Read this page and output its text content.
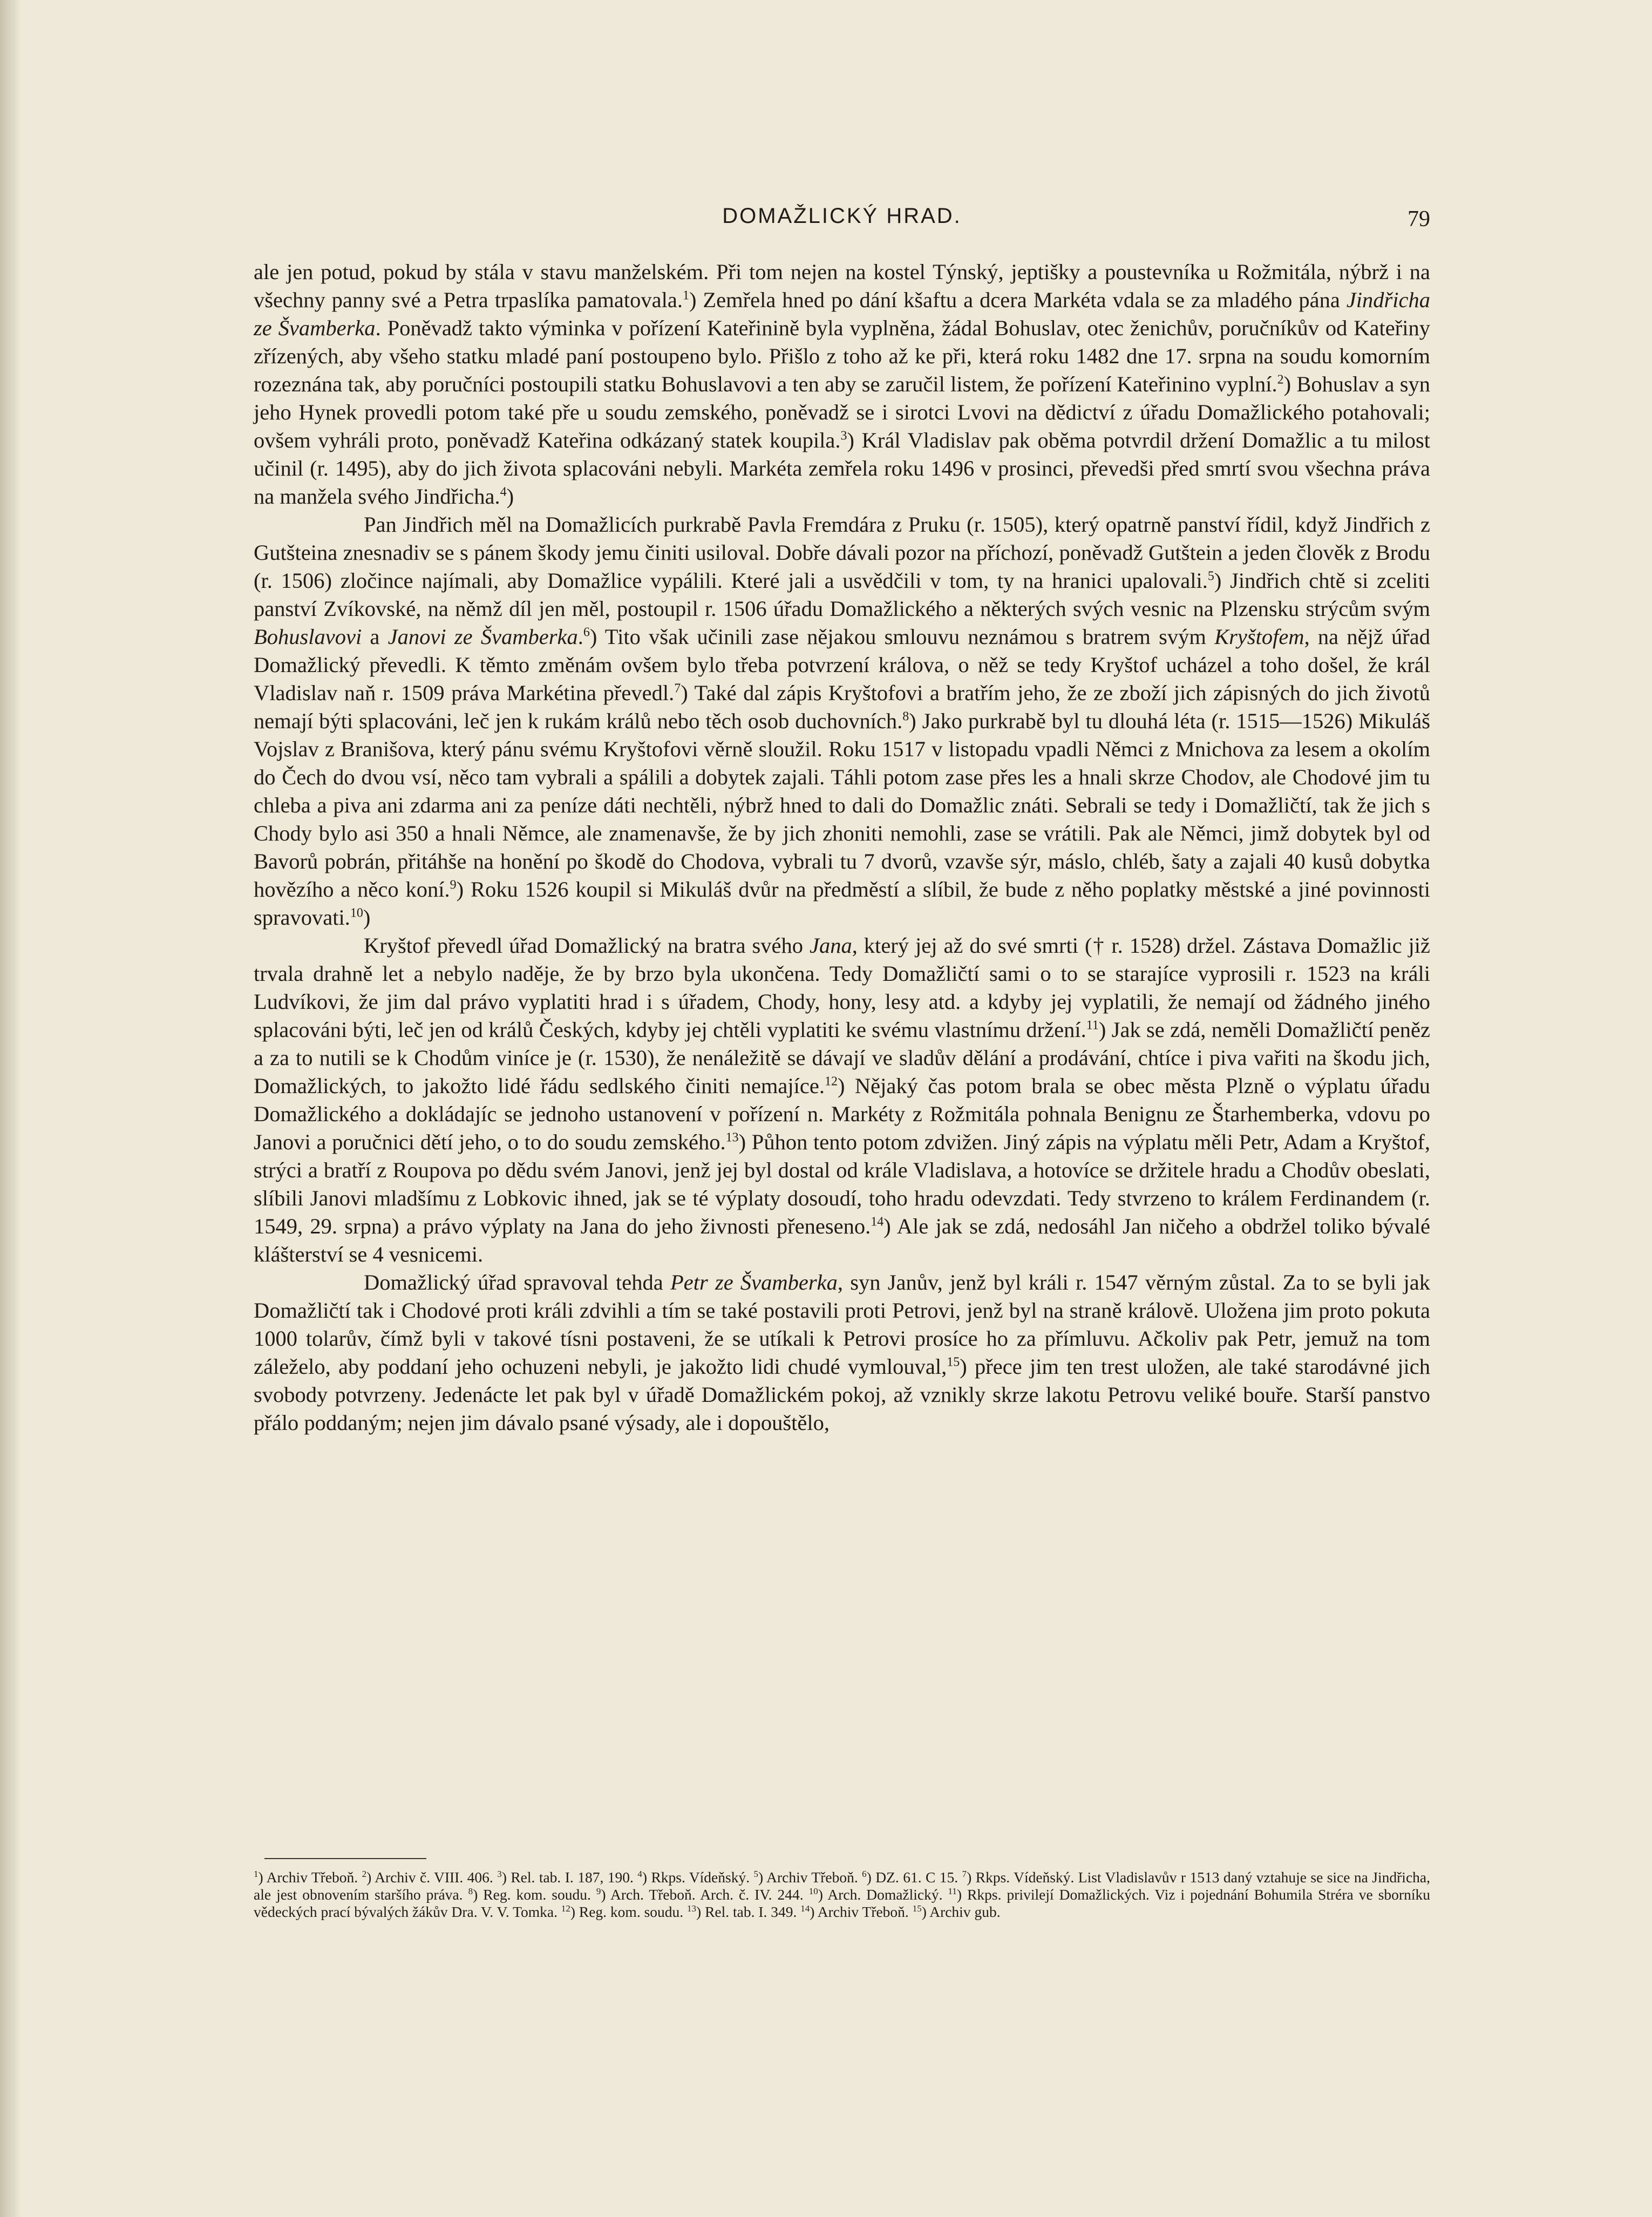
DOMAŽLICKÝ HRAD.	79

ale jen potud, pokud by stála v stavu manželském. Při tom nejen na kostel Týnský, jeptišky a poustevníka u Rožmitála, nýbrž i na všechny panny své a Petra trpaslíka pamatovala.$^1$) Zemřela hned po dání kšaftu a dcera Markéta vdala se za mladého pána Jindřicha ze Švamberka. Poněvadž takto výminka v pořízení Kateřinině byla vyplněna, žádal Bohuslav, otec ženichův, poručníkův od Kateřiny zřízených, aby všeho statku mladé paní postoupeno bylo. Přišlo z toho až ke při, která roku 1482 dne 17. srpna na soudu komorním rozeznána tak, aby poručníci postoupili statku Bohuslavovi a ten aby se zaručil listem, že pořízení Kateřinino vyplní.$^2$) Bohuslav a syn jeho Hynek provedli potom také pře u soudu zemského, poněvadž se i sirotci Lvovi na dědictví z úřadu Domažlického potahovali; ovšem vyhráli proto, poněvadž Kateřina odkázaný statek koupila.$^3$) Král Vladislav pak oběma potvrdil držení Domažlic a tu milost učinil (r. 1495), aby do jich života splacováni nebyli. Markéta zemřela roku 1496 v prosinci, převedši před smrtí svou všechna práva na manžela svého Jindřicha.$^4$)

Pan Jindřich měl na Domažlicích purkrabě Pavla Fremdára z Pruku (r. 1505), který opatrně panství řídil, když Jindřich z Gutšteina znesnadiv se s pánem škody jemu činiti usiloval. Dobře dávali pozor na příchozí, poněvadž Gutštein a jeden člověk z Brodu (r. 1506) zločince najímali, aby Domažlice vypálili. Které jali a usvědčili v tom, ty na hranici upalovali.$^5$) Jindřich chtě si zceliti panství Zvíkovské, na němž díl jen měl, postoupil r. 1506 úřadu Domažlického a některých svých vesnic na Plzensku strýcům svým Bohuslavovi a Janovi ze Švamberka.$^6$) Tito však učinili zase nějakou smlouvu neznámou s bratrem svým Kryštofem, na nějž úřad Domažlický převedli. K těmto změnám ovšem bylo třeba potvrzení králova, o něž se tedy Kryštof ucházel a toho došel, že král Vladislav naň r. 1509 práva Markétina převedl.$^7$) Také dal zápis Kryštofovi a bratřím jeho, že ze zboží jich zápisných do jich životů nemají býti splacováni, leč jen k rukám králů nebo těch osob duchovních.$^8$) Jako purkrabě byl tu dlouhá léta (r. 1515—1526) Mikuláš Vojslav z Branišova, který pánu svému Kryštofovi věrně sloužil. Roku 1517 v listopadu vpadli Němci z Mnichova za lesem a okolím do Čech do dvou vsí, něco tam vybrali a spálili a dobytek zajali. Táhli potom zase přes les a hnali skrze Chodov, ale Chodové jim tu chleba a piva ani zdarma ani za peníze dáti nechtěli, nýbrž hned to dali do Domažlic znáti. Sebrali se tedy i Domažličtí, tak že jich s Chody bylo asi 350 a hnali Němce, ale znamenavše, že by jich zhoniti nemohli, zase se vrátili. Pak ale Němci, jimž dobytek byl od Bavorů pobrán, přitáhše na honění po škodě do Chodova, vybrali tu 7 dvorů, vzavše sýr, máslo, chléb, šaty a zajali 40 kusů dobytka hovězího a něco koní.$^9$) Roku 1526 koupil si Mikuláš dvůr na předměstí a slíbil, že bude z něho poplatky městské a jiné povinnosti spravovati.$^{10}$)

Kryštof převedl úřad Domažlický na bratra svého Jana, který jej až do své smrti († r. 1528) držel. Zástava Domažlic již trvala drahně let a nebylo naděje, že by brzo byla ukončena. Tedy Domažličtí sami o to se starajíce vyprosili r. 1523 na králi Ludvíkovi, že jim dal právo vyplatiti hrad i s úřadem, Chody, hony, lesy atd. a kdyby jej vyplatili, že nemají od žádného jiného splacováni býti, leč jen od králů Českých, kdyby jej chtěli vyplatiti ke svému vlastnímu držení.$^{11}$) Jak se zdá, neměli Domažličtí peněz a za to nutili se k Chodům viníce je (r. 1530), že nenáležitě se dávají ve sladův dělání a prodávání, chtíce i piva vařiti na škodu jich, Domažlických, to jakožto lidé řádu sedlského činiti nemajíce.$^{12}$) Nějaký čas potom brala se obec města Plzně o výplatu úřadu Domažlického a dokládajíc se jednoho ustanovení v pořízení n. Markéty z Rožmitála pohnala Benignu ze Štarhemberka, vdovu po Janovi a poručnici dětí jeho, o to do soudu zemského.$^{13}$) Půhon tento potom zdvižen. Jiný zápis na výplatu měli Petr, Adam a Kryštof, strýci a bratří z Roupova po dědu svém Janovi, jenž jej byl dostal od krále Vladislava, a hotovíce se držitele hradu a Chodův obeslati, slíbili Janovi mladšímu z Lobkovic ihned, jak se té výplaty dosoudí, toho hradu odevzdati. Tedy stvrzeno to králem Ferdinandem (r. 1549, 29. srpna) a právo výplaty na Jana do jeho živnosti přeneseno.$^{14}$) Ale jak se zdá, nedosáhl Jan ničeho a obdržel toliko bývalé klášterství se 4 vesnicemi.

Domažlický úřad spravoval tehda Petr ze Švamberka, syn Janův, jenž byl králi r. 1547 věrným zůstal. Za to se byli jak Domažličtí tak i Chodové proti králi zdvihli a tím se také postavili proti Petrovi, jenž byl na straně královĕ. Uložena jim proto pokuta 1000 tolarův, čímž byli v takové tísni postaveni, že se utíkali k Petrovi prosíce ho za přímluvu. Ačkoliv pak Petr, jemuž na tom záleželo, aby poddaní jeho ochuzeni nebyli, je jakožto lidi chudé vymlouval,$^{15}$) přece jim ten trest uložen, ale také starodávné jich svobody potvrzeny. Jedenácte let pak byl v úřadě Domažlickém pokoj, až vznikly skrze lakotu Petrovu veliké bouře. Starší panstvo přálo poddaným; nejen jim dávalo psané výsady, ale i dopouštělo,

$^1$) Archiv Třeboň. $^2$) Archiv č. VIII. 406. $^3$) Rel. tab. I. 187, 190. $^4$) Rkps. Vídeňský. $^5$) Archiv Třeboň. $^6$) DZ. 61. C 15. $^7$) Rkps. Vídeňský. List Vladislavův r 1513 daný vztahuje se sice na Jindřicha, ale jest obnovením staršího práva. $^8$) Reg. kom. soudu. $^9$) Arch. Třeboň. Arch. č. IV. 244. $^{10}$) Arch. Domažlický. $^{11}$) Rkps. privilejí Domažlických. Viz i pojednání Bohumila Stréra ve sborníku vědeckých prací bývalých žákův Dra. V. V. Tomka. $^{12}$) Reg. kom. soudu. $^{13}$) Rel. tab. I. 349. $^{14}$) Archiv Třeboň. $^{15}$) Archiv gub.
